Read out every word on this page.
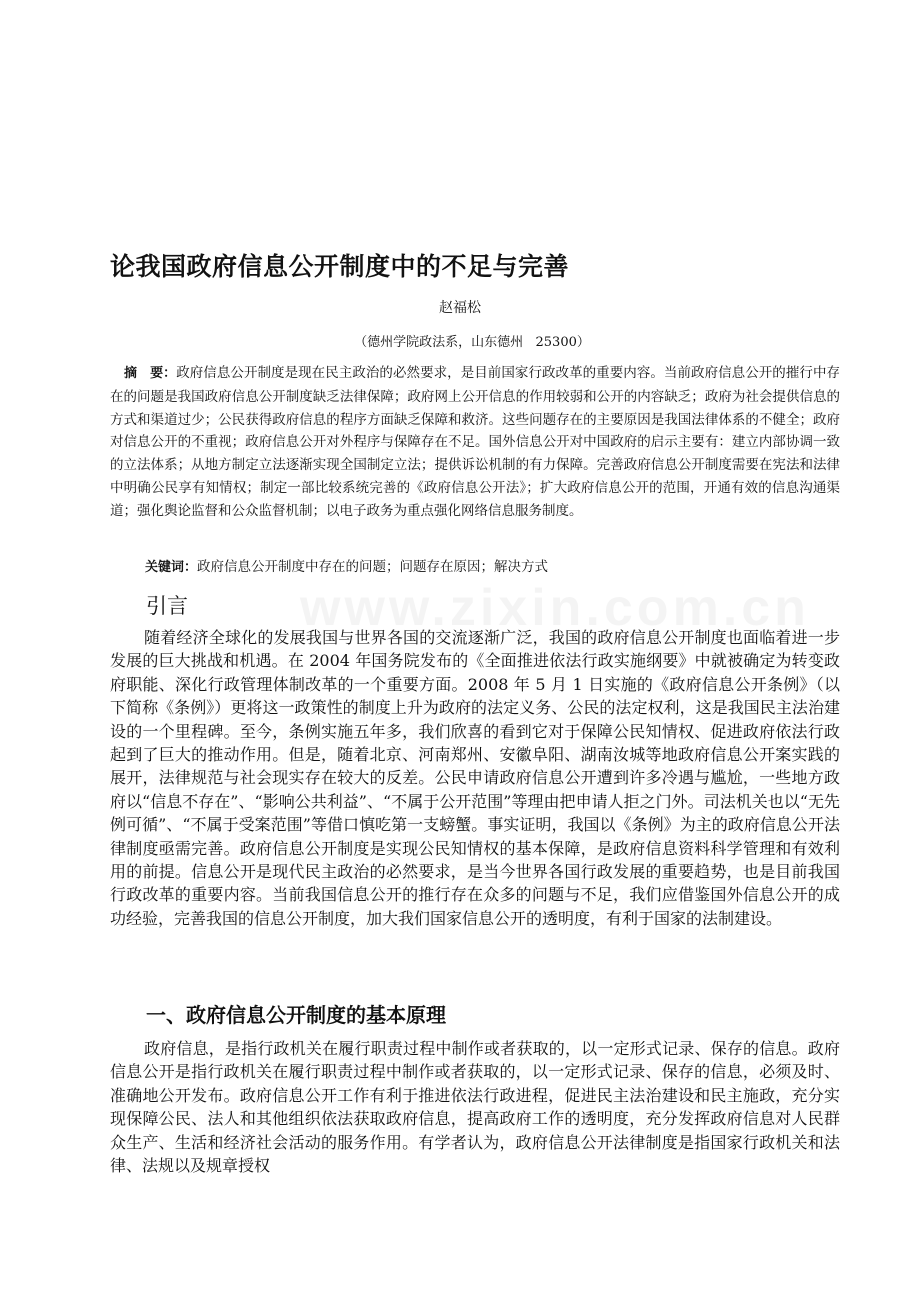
论我国政府信息公开制度中的不足与完善
赵福松
（德州学院政法系，山东德州   25300）

摘　要：政府信息公开制度是现在民主政治的必然要求，是目前国家行政改革的重要内容。当前政府信息公开的摧行中存在的问题是我国政府信息公开制度缺乏法律保障；政府网上公开信息的作用较弱和公开的内容缺乏；政府为社会提供信息的方式和渠道过少；公民获得政府信息的程序方面缺乏保障和救济。这些问题存在的主要原因是我国法律体系的不健全；政府对信息公开的不重视；政府信息公开对外程序与保障存在不足。国外信息公开对中国政府的启示主要有：建立内部协调一致的立法体系；从地方制定立法逐渐实现全国制定立法；提供诉讼机制的有力保障。完善政府信息公开制度需要在宪法和法律中明确公民享有知情权；制定一部比较系统完善的《政府信息公开法》；扩大政府信息公开的范围，开通有效的信息沟通渠道；强化舆论监督和公众监督机制；以电子政务为重点强化网络信息服务制度。

关键词：政府信息公开制度中存在的问题；问题存在原因；解决方式
引言

随着经济全球化的发展我国与世界各国的交流逐渐广泛，我国的政府信息公开制度也面临着进一步发展的巨大挑战和机遇。在 2004 年国务院发布的《全面推进依法行政实施纲要》中就被确定为转变政府职能、深化行政管理体制改革的一个重要方面。2008 年 5 月 1 日实施的《政府信息公开条例》（以下简称《条例》）更将这一政策性的制度上升为政府的法定义务、公民的法定权利，这是我国民主法治建设的一个里程碑。至今，条例实施五年多，我们欣喜的看到它对于保障公民知情权、促进政府依法行政起到了巨大的推动作用。但是，随着北京、河南郑州、安徽阜阳、湖南汝城等地政府信息公开案实践的展开，法律规范与社会现实存在较大的反差。公民申请政府信息公开遭到许多冷遇与尴尬，一些地方政府以“信息不存在”、“影响公共利益”、“不属于公开范围”等理由把申请人拒之门外。司法机关也以“无先例可循”、“不属于受案范围”等借口慎吃第一支螃蟹。事实证明，我国以《条例》为主的政府信息公开法律制度亟需完善。政府信息公开制度是实现公民知情权的基本保障，是政府信息资料科学管理和有效利用的前提。信息公开是现代民主政治的必然要求，是当今世界各国行政发展的重要趋势，也是目前我国行政改革的重要内容。当前我国信息公开的推行存在众多的问题与不足，我们应借鉴国外信息公开的成功经验，完善我国的信息公开制度，加大我们国家信息公开的透明度，有利于国家的法制建设。

一、政府信息公开制度的基本原理

政府信息，是指行政机关在履行职责过程中制作或者获取的，以一定形式记录、保存的信息。政府信息公开是指行政机关在履行职责过程中制作或者获取的，以一定形式记录、保存的信息，必须及时、准确地公开发布。政府信息公开工作有利于推进依法行政进程，促进民主法治建设和民主施政，充分实现保障公民、法人和其他组织依法获取政府信息，提高政府工作的透明度，充分发挥政府信息对人民群众生产、生活和经济社会活动的服务作用。有学者认为，政府信息公开法律制度是指国家行政机关和法律、法规以及规章授权
